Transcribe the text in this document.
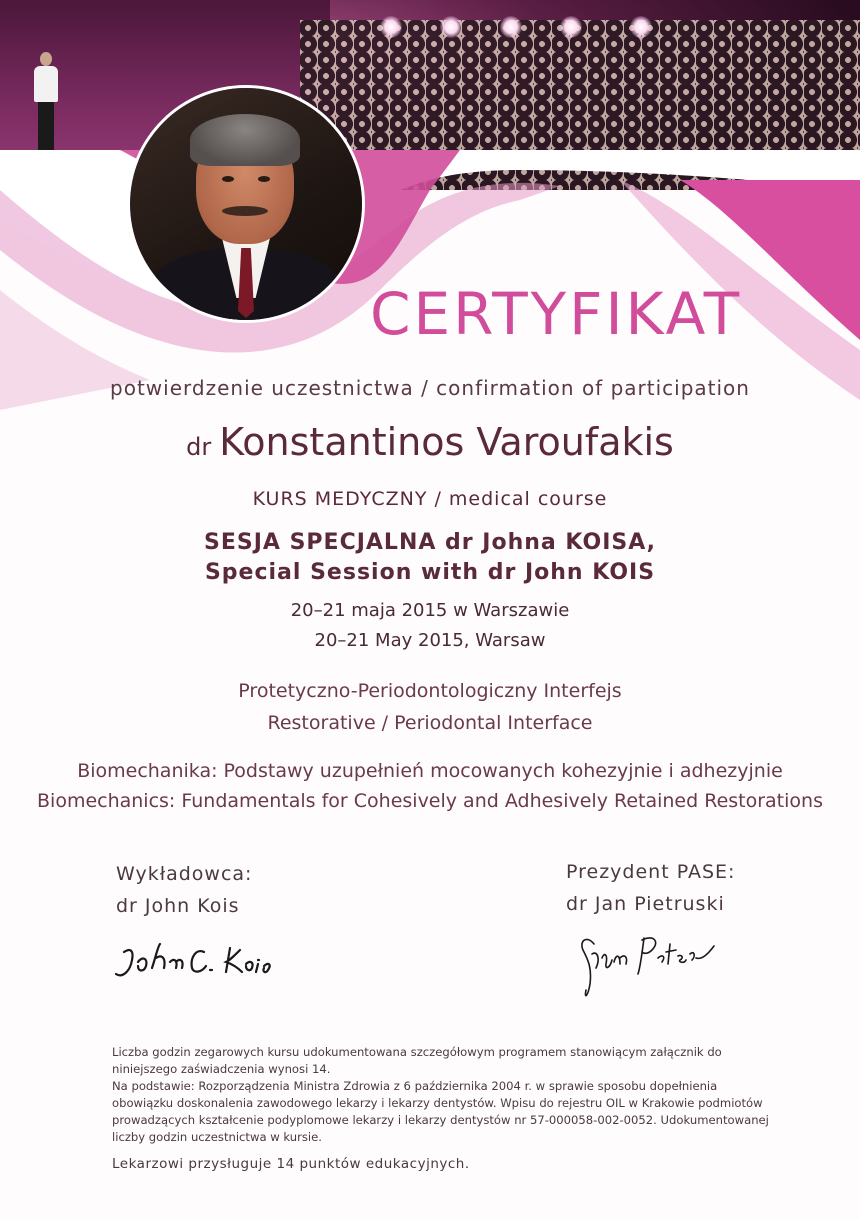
CERTYFIKAT
potwierdzenie uczestnictwa / confirmation of participation
dr Konstantinos Varoufakis
KURS MEDYCZNY / medical course
SESJA SPECJALNA dr Johna KOISA,
Special Session with dr John KOIS
20–21 maja 2015 w Warszawie
20–21 May 2015, Warsaw
Protetyczno-Periodontologiczny Interfejs
Restorative / Periodontal Interface
Biomechanika: Podstawy uzupełnień mocowanych kohezyjnie i adhezyjnie
Biomechanics: Fundamentals for Cohesively and Adhesively Retained Restorations
Wykładowca:
dr John Kois
Prezydent PASE:
dr Jan Pietruski

Liczba godzin zegarowych kursu udokumentowana szczegółowym programem stanowiącym załącznik do niniejszego zaświadczenia wynosi 14.

Na podstawie: Rozporządzenia Ministra Zdrowia z 6 października 2004 r. w sprawie sposobu dopełnienia obowiązku doskonalenia zawodowego lekarzy i lekarzy dentystów. Wpisu do rejestru OIL w Krakowie podmiotów prowadzących kształcenie podyplomowe lekarzy i lekarzy dentystów nr 57-000058-002-0052. Udokumentowanej liczby godzin uczestnictwa w kursie.

Lekarzowi przysługuje 14 punktów edukacyjnych.
